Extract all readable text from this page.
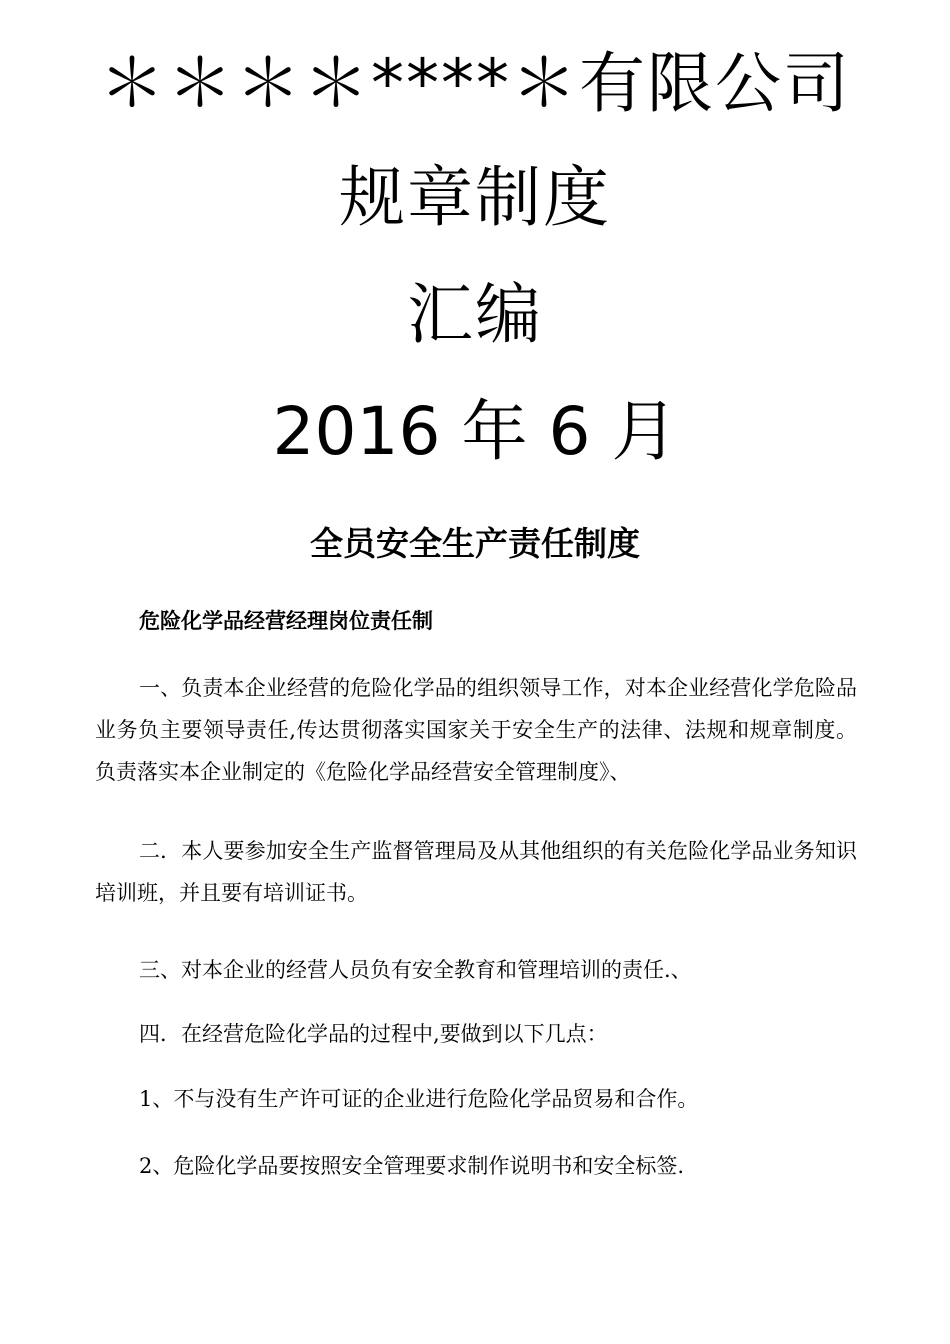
＊＊＊＊****＊有限公司
规章制度
汇编
2016 年 6 月
全员安全生产责任制度
危险化学品经营经理岗位责任制

一、负责本企业经营的危险化学品的组织领导工作，对本企业经营化学危险品业务负主要领导责任,传达贯彻落实国家关于安全生产的法律、法规和规章制度。负责落实本企业制定的《危险化学品经营安全管理制度》、

二．本人要参加安全生产监督管理局及从其他组织的有关危险化学品业务知识培训班，并且要有培训证书。

三、对本企业的经营人员负有安全教育和管理培训的责任.、

四．在经营危险化学品的过程中,要做到以下几点：

1、不与没有生产许可证的企业进行危险化学品贸易和合作。

2、危险化学品要按照安全管理要求制作说明书和安全标签.
